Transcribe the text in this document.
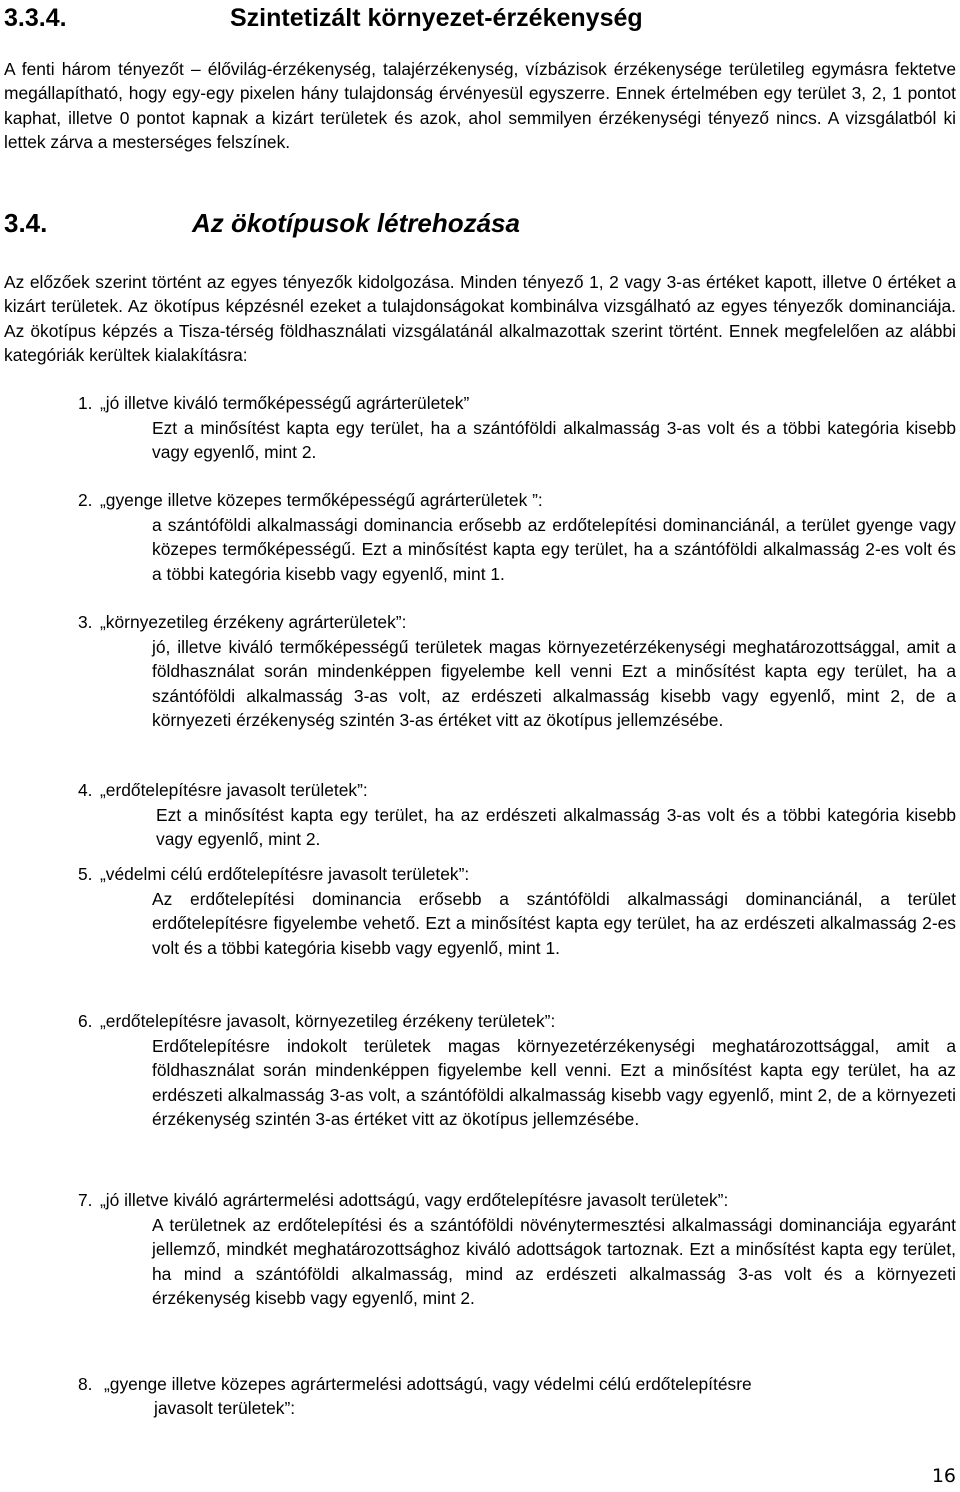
3.3.4.	Szintetizált környezet-érzékenység
A fenti három tényezőt – élővilág-érzékenység, talajérzékenység, vízbázisok érzékenysége területileg egymásra fektetve megállapítható, hogy egy-egy pixelen hány tulajdonság érvényesül egyszerre. Ennek értelmében egy terület 3, 2, 1 pontot kaphat, illetve 0 pontot kapnak a kizárt területek és azok, ahol semmilyen érzékenységi tényező nincs. A vizsgálatból ki lettek zárva a mesterséges felszínek.
3.4.	Az ökotípusok létrehozása
Az előzőek szerint történt az egyes tényezők kidolgozása. Minden tényező 1, 2 vagy 3-as értéket kapott, illetve 0 értéket a kizárt területek. Az ökotípus képzésnél ezeket a tulajdonságokat kombinálva vizsgálható az egyes tényezők dominanciája. Az ökotípus képzés a Tisza-térség földhasználati vizsgálatánál alkalmazottak szerint történt. Ennek megfelelően az alábbi kategóriák kerültek kialakításra:
1. „jó illetve kiváló termőképességű agrárterületek”
Ezt a minősítést kapta egy terület, ha a szántóföldi alkalmasság 3-as volt és a többi kategória kisebb vagy egyenlő, mint 2.
2. „gyenge illetve közepes termőképességű agrárterületek ”:
a szántóföldi alkalmassági dominancia erősebb az erdőtelepítési dominanciánál, a terület gyenge vagy közepes termőképességű. Ezt a minősítést kapta egy terület, ha a szántóföldi alkalmasság 2-es volt és a többi kategória kisebb vagy egyenlő, mint 1.
3. „környezetileg érzékeny agrárterületek”:
jó, illetve kiváló termőképességű területek magas környezetérzékenységi meghatározottsággal, amit a földhasználat során mindenképpen figyelembe kell venni Ezt a minősítést kapta egy terület, ha a szántóföldi alkalmasság 3-as volt, az erdészeti alkalmasság kisebb vagy egyenlő, mint 2, de a környezeti érzékenység szintén 3-as értéket vitt az ökotípus jellemzésébe.
4. „erdőtelepítésre javasolt területek”:
Ezt a minősítést kapta egy terület, ha az erdészeti alkalmasság 3-as volt és a többi kategória kisebb vagy egyenlő, mint 2.
5. „védelmi célú erdőtelepítésre javasolt területek”:
Az erdőtelepítési dominancia erősebb a szántóföldi alkalmassági dominanciánál, a terület erdőtelepítésre figyelembe vehető. Ezt a minősítést kapta egy terület, ha az erdészeti alkalmasság 2-es volt és a többi kategória kisebb vagy egyenlő, mint 1.
6. „erdőtelepítésre javasolt, környezetileg érzékeny területek”:
Erdőtelepítésre indokolt területek magas környezetérzékenységi meghatározottsággal, amit a földhasználat során mindenképpen figyelembe kell venni. Ezt a minősítést kapta egy terület, ha az erdészeti alkalmasság 3-as volt, a szántóföldi alkalmasság kisebb vagy egyenlő, mint 2, de a környezeti érzékenység szintén 3-as értéket vitt az ökotípus jellemzésébe.
7. „jó illetve kiváló agrártermelési adottságú, vagy erdőtelepítésre javasolt területek”:
A területnek az erdőtelepítési és a szántóföldi növénytermesztési alkalmassági dominanciája egyaránt jellemző, mindkét meghatározottsághoz kiváló adottságok tartoznak. Ezt a minősítést kapta egy terület, ha mind a szántóföldi alkalmasság, mind az erdészeti alkalmasság 3-as volt és a környezeti érzékenység kisebb vagy egyenlő, mint 2.
8. „gyenge illetve közepes agrártermelési adottságú, vagy védelmi célú erdőtelepítésre
javasolt területek”:
16
